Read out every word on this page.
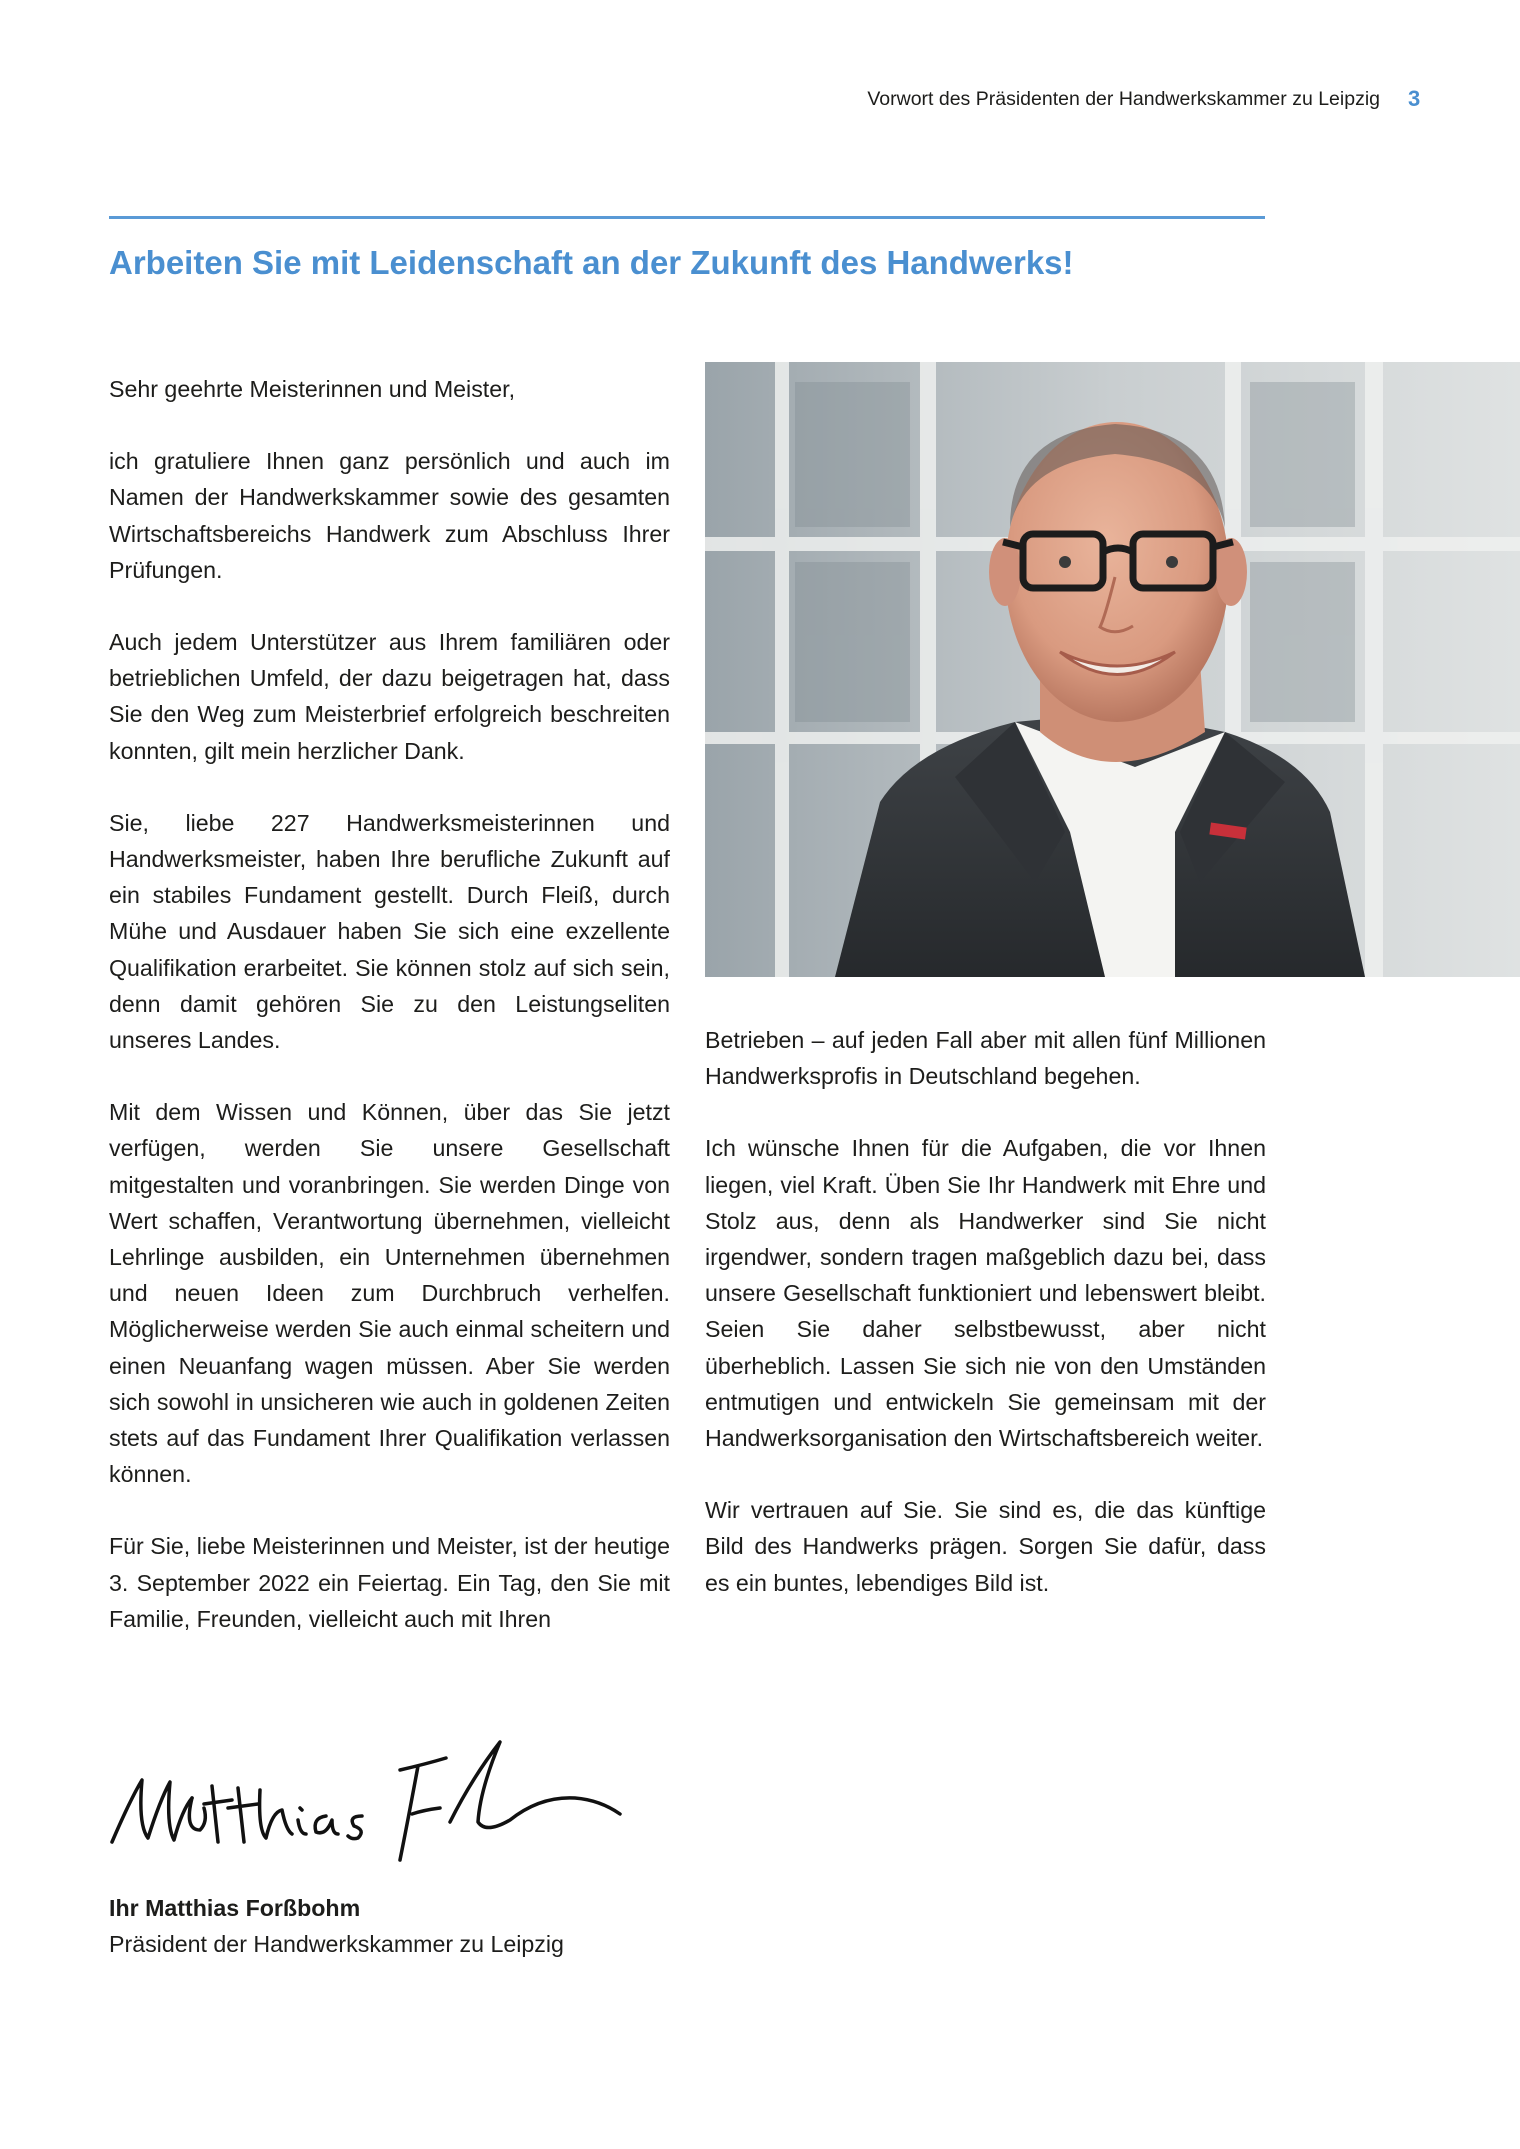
Vorwort des Präsidenten der Handwerkskammer zu Leipzig 3
Arbeiten Sie mit Leidenschaft an der Zukunft des Handwerks!

Sehr geehrte Meisterinnen und Meister,

ich gratuliere Ihnen ganz persönlich und auch im Namen der Handwerkskammer sowie des gesamten Wirtschaftsbereichs Handwerk zum Abschluss Ihrer Prüfungen.

Auch jedem Unterstützer aus Ihrem familiären oder betrieblichen Umfeld, der dazu beigetragen hat, dass Sie den Weg zum Meisterbrief erfolgreich beschreiten konnten, gilt mein herzlicher Dank.

Sie, liebe 227 Handwerksmeisterinnen und Handwerksmeister, haben Ihre berufliche Zukunft auf ein stabiles Fundament gestellt. Durch Fleiß, durch Mühe und Ausdauer haben Sie sich eine exzellente Qualifikation erarbeitet. Sie können stolz auf sich sein, denn damit gehören Sie zu den Leistungseliten unseres Landes.

Mit dem Wissen und Können, über das Sie jetzt verfügen, werden Sie unsere Gesellschaft mitgestalten und voranbringen. Sie werden Dinge von Wert schaffen, Verantwortung übernehmen, vielleicht Lehrlinge ausbilden, ein Unternehmen übernehmen und neuen Ideen zum Durchbruch verhelfen. Möglicherweise werden Sie auch einmal scheitern und einen Neuanfang wagen müssen. Aber Sie werden sich sowohl in unsicheren wie auch in goldenen Zeiten stets auf das Fundament Ihrer Qualifikation verlassen können.

Für Sie, liebe Meisterinnen und Meister, ist der heutige 3. September 2022 ein Feiertag. Ein Tag, den Sie mit Familie, Freunden, vielleicht auch mit Ihren

Betrieben – auf jeden Fall aber mit allen fünf Millionen Handwerksprofis in Deutschland begehen.

Ich wünsche Ihnen für die Aufgaben, die vor Ihnen liegen, viel Kraft. Üben Sie Ihr Handwerk mit Ehre und Stolz aus, denn als Handwerker sind Sie nicht irgendwer, sondern tragen maßgeblich dazu bei, dass unsere Gesellschaft funktioniert und lebenswert bleibt. Seien Sie daher selbstbewusst, aber nicht überheblich. Lassen Sie sich nie von den Umständen entmutigen und entwickeln Sie gemeinsam mit der Handwerksorganisation den Wirtschaftsbereich weiter.

Wir vertrauen auf Sie. Sie sind es, die das künftige Bild des Handwerks prägen. Sorgen Sie dafür, dass es ein buntes, lebendiges Bild ist.

Ihr Matthias Forßbohm
Präsident der Handwerkskammer zu Leipzig
